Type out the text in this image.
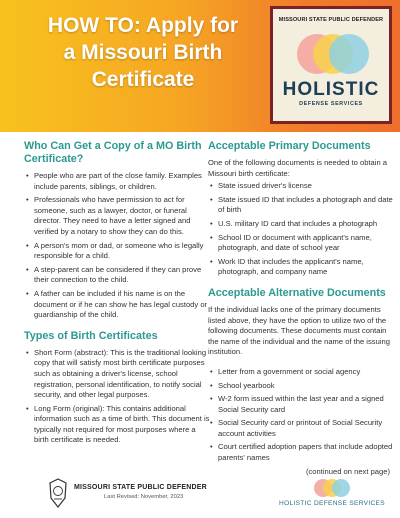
HOW TO: Apply for
a Missouri Birth
Certificate
MISSOURI STATE PUBLIC DEFENDER
HOLISTIC
DEFENSE SERVICES
Who Can Get a Copy of a MO Birth Certificate?
• People who are part of the close family. Examples include parents, siblings, or children.
• Professionals who have permission to act for someone, such as a lawyer, doctor, or funeral director. They need to have a letter signed and verified by a notary to show they can do this.
• A person's mom or dad, or someone who is legally responsible for a child.
• A step-parent can be considered if they can prove their connection to the child.
• A father can be included if his name is on the document or if he can show he has legal custody or guardianship of the child.
Types of Birth Certificates
• Short Form (abstract): This is the traditional looking copy that will satisfy most birth certificate purposes such as obtaining a driver's license, school registration, personal identification, to notify social security, and other legal purposes.
• Long Form (original): This contains additional information such as a time of birth. This document is typically not required for most purposes where a birth certificate is needed.
Acceptable Primary Documents

One of the following documents is needed to obtain a Missouri birth certificate:

• State issued driver's license
• State issued ID that includes a photograph and date of birth
• U.S. military ID card that includes a photograph
• School ID or document with applicant's name, photograph, and date of school year
• Work ID that includes the applicant's name, photograph, and company name
Acceptable Alternative Documents

If the individual lacks one of the primary documents listed above, they have the option to utilize two of the following documents. These documents must contain the name of the individual and the name of the issuing institution.

• Letter from a government or social agency
• School yearbook
• W-2 form issued within the last year and a signed Social Security card
• Social Security card or printout of Social Security account activities
• Court certified adoption papers that include adopted parents' names
(continued on next page)
MISSOURI STATE PUBLIC DEFENDER
Last Revised: November, 2023
HOLISTIC DEFENSE SERVICES
